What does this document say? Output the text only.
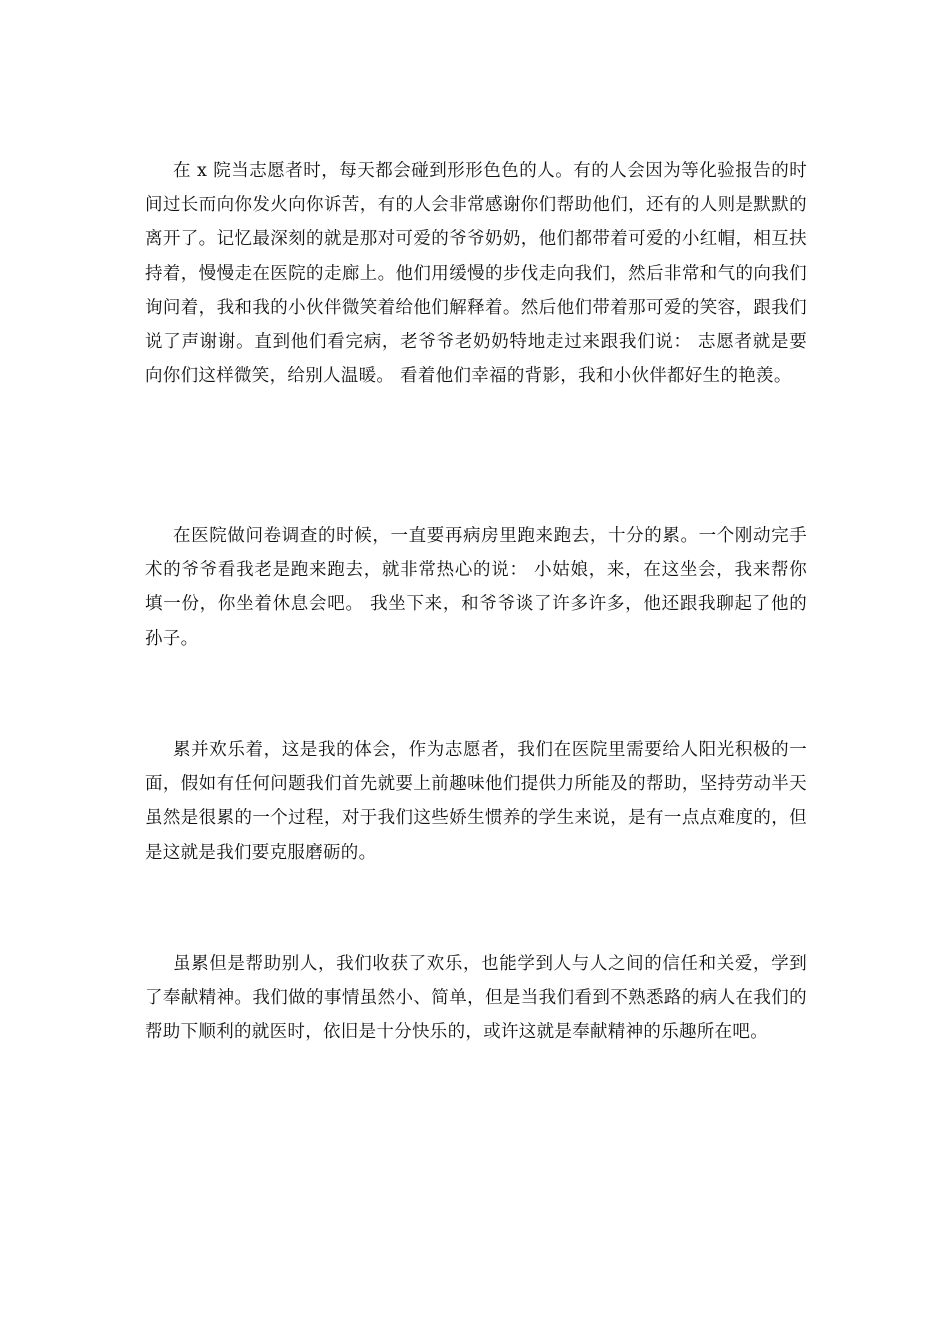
在 x 院当志愿者时，每天都会碰到形形色色的人。有的人会因为等化验报告的时间过长而向你发火向你诉苦，有的人会非常感谢你们帮助他们，还有的人则是默默的离开了。记忆最深刻的就是那对可爱的爷爷奶奶，他们都带着可爱的小红帽，相互扶持着，慢慢走在医院的走廊上。他们用缓慢的步伐走向我们，然后非常和气的向我们询问着，我和我的小伙伴微笑着给他们解释着。然后他们带着那可爱的笑容，跟我们说了声谢谢。直到他们看完病，老爷爷老奶奶特地走过来跟我们说： 志愿者就是要向你们这样微笑，给别人温暖。 看着他们幸福的背影，我和小伙伴都好生的艳羡。

在医院做问卷调查的时候，一直要再病房里跑来跑去，十分的累。一个刚动完手术的爷爷看我老是跑来跑去，就非常热心的说： 小姑娘，来，在这坐会，我来帮你填一份，你坐着休息会吧。 我坐下来，和爷爷谈了许多许多，他还跟我聊起了他的孙子。

累并欢乐着，这是我的体会，作为志愿者，我们在医院里需要给人阳光积极的一面，假如有任何问题我们首先就要上前趣味他们提供力所能及的帮助，坚持劳动半天虽然是很累的一个过程，对于我们这些娇生惯养的学生来说，是有一点点难度的，但是这就是我们要克服磨砺的。

虽累但是帮助别人，我们收获了欢乐，也能学到人与人之间的信任和关爱，学到了奉献精神。我们做的事情虽然小、简单，但是当我们看到不熟悉路的病人在我们的帮助下顺利的就医时，依旧是十分快乐的，或许这就是奉献精神的乐趣所在吧。
